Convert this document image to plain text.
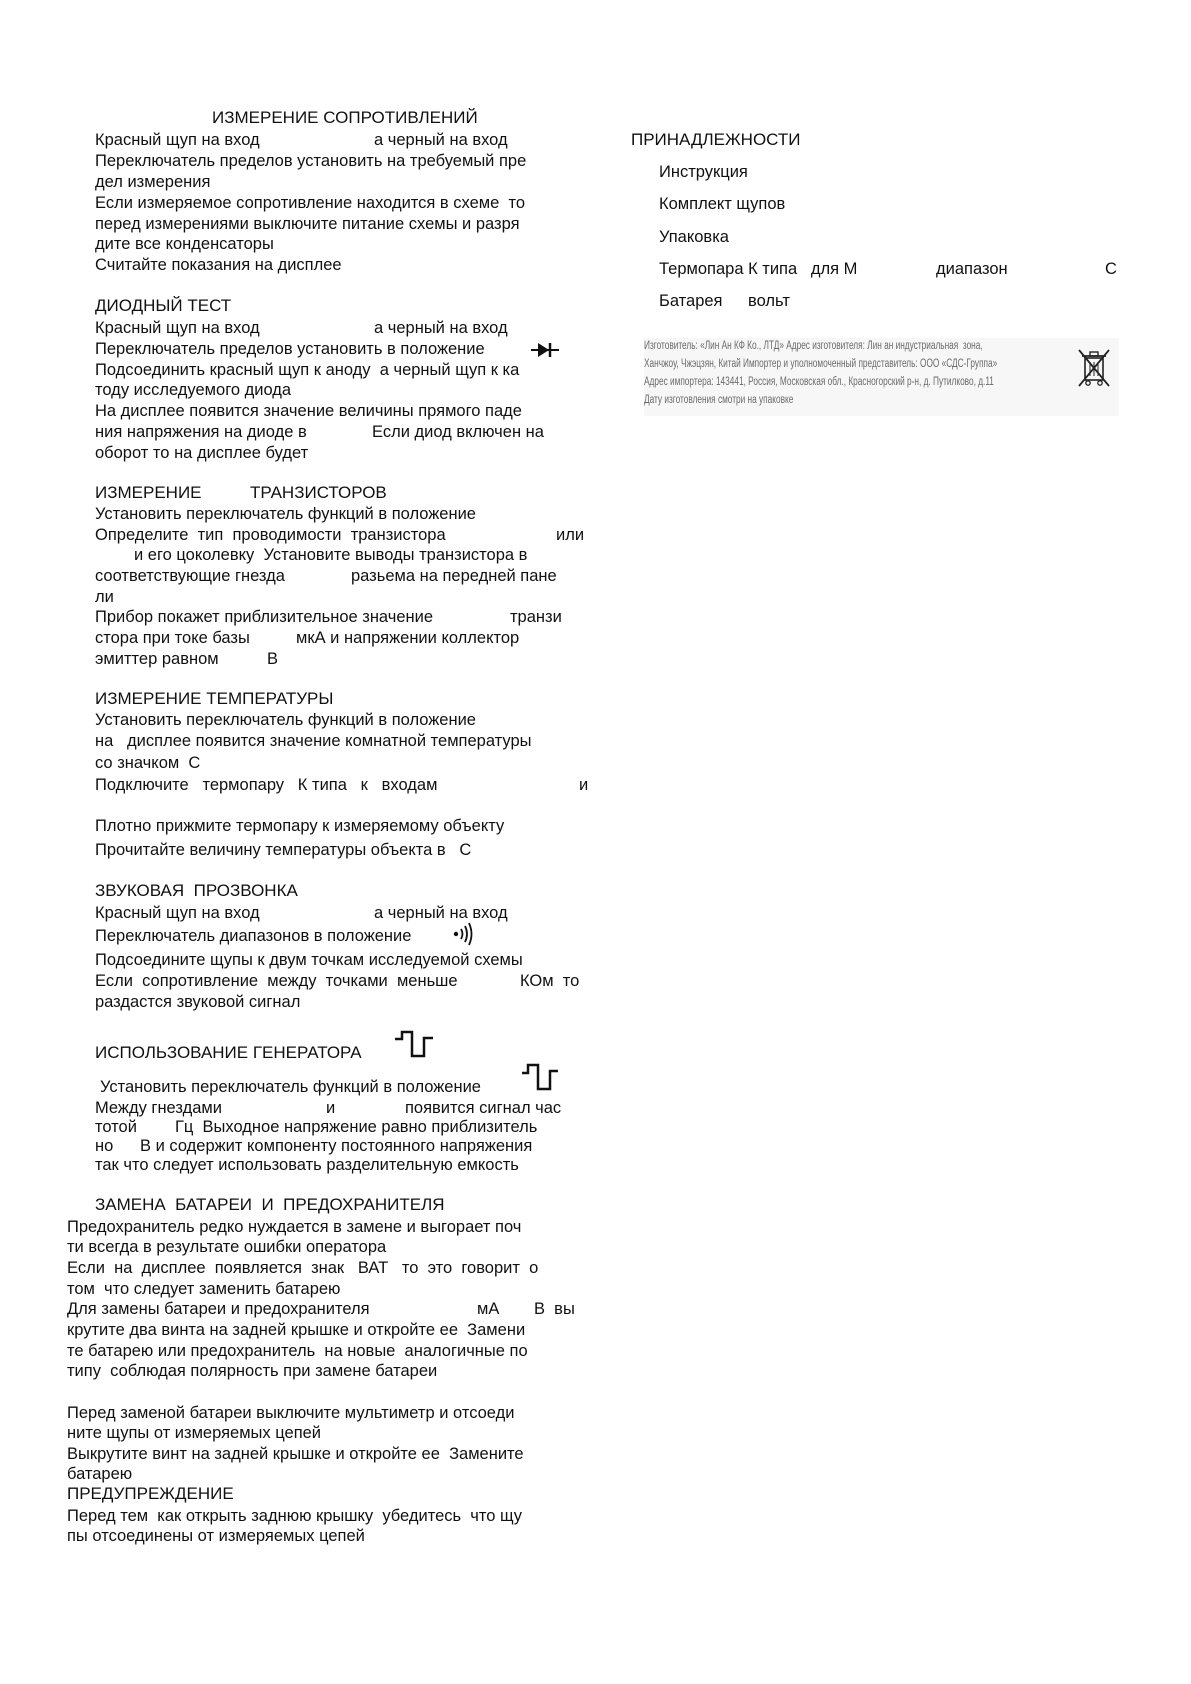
ИЗМЕРЕНИЕ СОПРОТИВЛЕНИЙ
Красный щуп на вход	а черный на вход
Переключатель пределов установить на требуемый пре
дел измерения
Если измеряемое сопротивление находится в схеме  то
перед измерениями выключите питание схемы и разря
дите все конденсаторы
Считайте показания на дисплее
ДИОДНЫЙ ТЕСТ
Красный щуп на вход	а черный на вход
Переключатель пределов установить в положение
Подсоединить красный щуп к аноду  а черный щуп к ка
тоду исследуемого диода
На дисплее появится значение величины прямого паде
ния напряжения на диоде в	Если диод включен на
оборот то на дисплее будет
ИЗМЕРЕНИЕ	ТРАНЗИСТОРОВ
Установить переключатель функций в положение
Определите  тип  проводимости  транзистора	или
и его цоколевку  Установите выводы транзистора в
соответствующие гнезда	разьема на передней пане
ли
Прибор покажет приблизительное значение	транзи
стора при токе базы	мкА и напряжении коллектор
эмиттер равном	В
ИЗМЕРЕНИЕ ТЕМПЕРАТУРЫ
Установить переключатель функций в положение
на   дисплее появится значение комнатной температуры
со значком  С
Подключите   термопару   К типа   к   входам	и
Плотно прижмите термопару к измеряемому объекту
Прочитайте величину температуры объекта в   С
ЗВУКОВАЯ  ПРОЗВОНКА
Красный щуп на вход	а черный на вход
Переключатель диапазонов в положение
Подсоедините щупы к двум точкам исследуемой схемы
Если  сопротивление  между  точками  меньше	КОм  то
раздастся звуковой сигнал
ИСПОЛЬЗОВАНИЕ ГЕНЕРАТОРА
Установить переключатель функций в положение
Между гнездами	и	появится сигнал час
тотой Гц  Выходное напряжение равно приблизитель
но В и содержит компоненту постоянного напряжения
так что следует использовать разделительную емкость
ЗАМЕНА  БАТАРЕИ  И  ПРЕДОХРАНИТЕЛЯ
Предохранитель редко нуждается в замене и выгорает поч
ти всегда в результате ошибки оператора
Если  на  дисплее  появляется  знак   ВАТ   то  это  говорит  о
том  что следует заменить батарею
Для замены батареи и предохранителя	мА В  вы
крутите два винта на задней крышке и откройте ее  Замени
те батарею или предохранитель  на новые  аналогичные по
типу  соблюдая полярность при замене батареи
Перед заменой батареи выключите мультиметр и отсоеди
ните щупы от измеряемых цепей
Выкрутите винт на задней крышке и откройте ее  Замените
батарею
ПРЕДУПРЕЖДЕНИЕ
Перед тем  как открыть заднюю крышку  убедитесь  что щу
пы отсоединены от измеряемых цепей
ПРИНАДЛЕЖНОСТИ
Инструкция
Комплект щупов
Упаковка
Термопара К типа   для М	диапазон	С
Батарея вольт
Изготовитель: «Лин Ан КФ Ко., ЛТД» Адрес изготовителя: Лин ан индустриальная  зона,
Ханчжоу, Чжэцзян, Китай Импортер и уполномоченный представитель: ООО «СДС-Группа»
Адрес импортера: 143441, Россия, Московская обл., Красногорский р-н, д. Путилково, д.11
Дату изготовления смотри на упаковке
